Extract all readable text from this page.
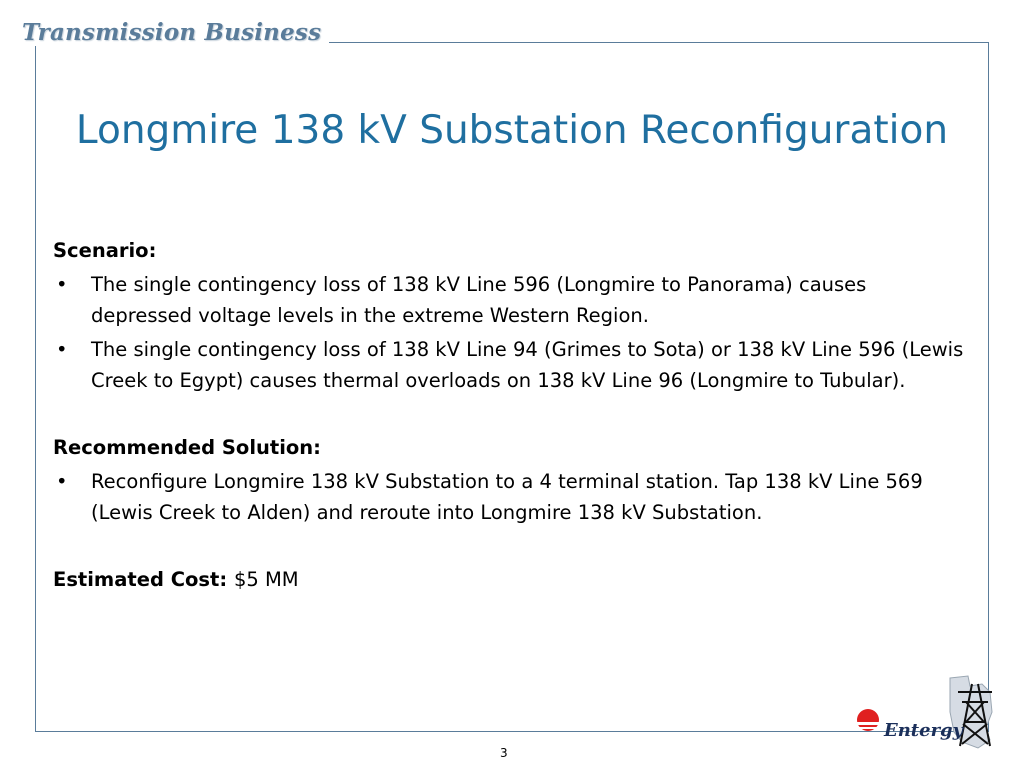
Transmission Business
Longmire 138 kV Substation Reconfiguration

Scenario:

• The single contingency loss of 138 kV Line 596 (Longmire to Panorama) causes depressed voltage levels in the extreme Western Region.
• The single contingency loss of 138 kV Line 94 (Grimes to Sota) or 138 kV Line 596 (Lewis Creek to Egypt) causes thermal overloads on 138 kV Line 96 (Longmire to Tubular).

Recommended Solution:

• Reconfigure Longmire 138 kV Substation to a 4 terminal station. Tap 138 kV Line 569 (Lewis Creek to Alden) and reroute into Longmire 138 kV Substation.

Estimated Cost: $5 MM

3
Entergy
